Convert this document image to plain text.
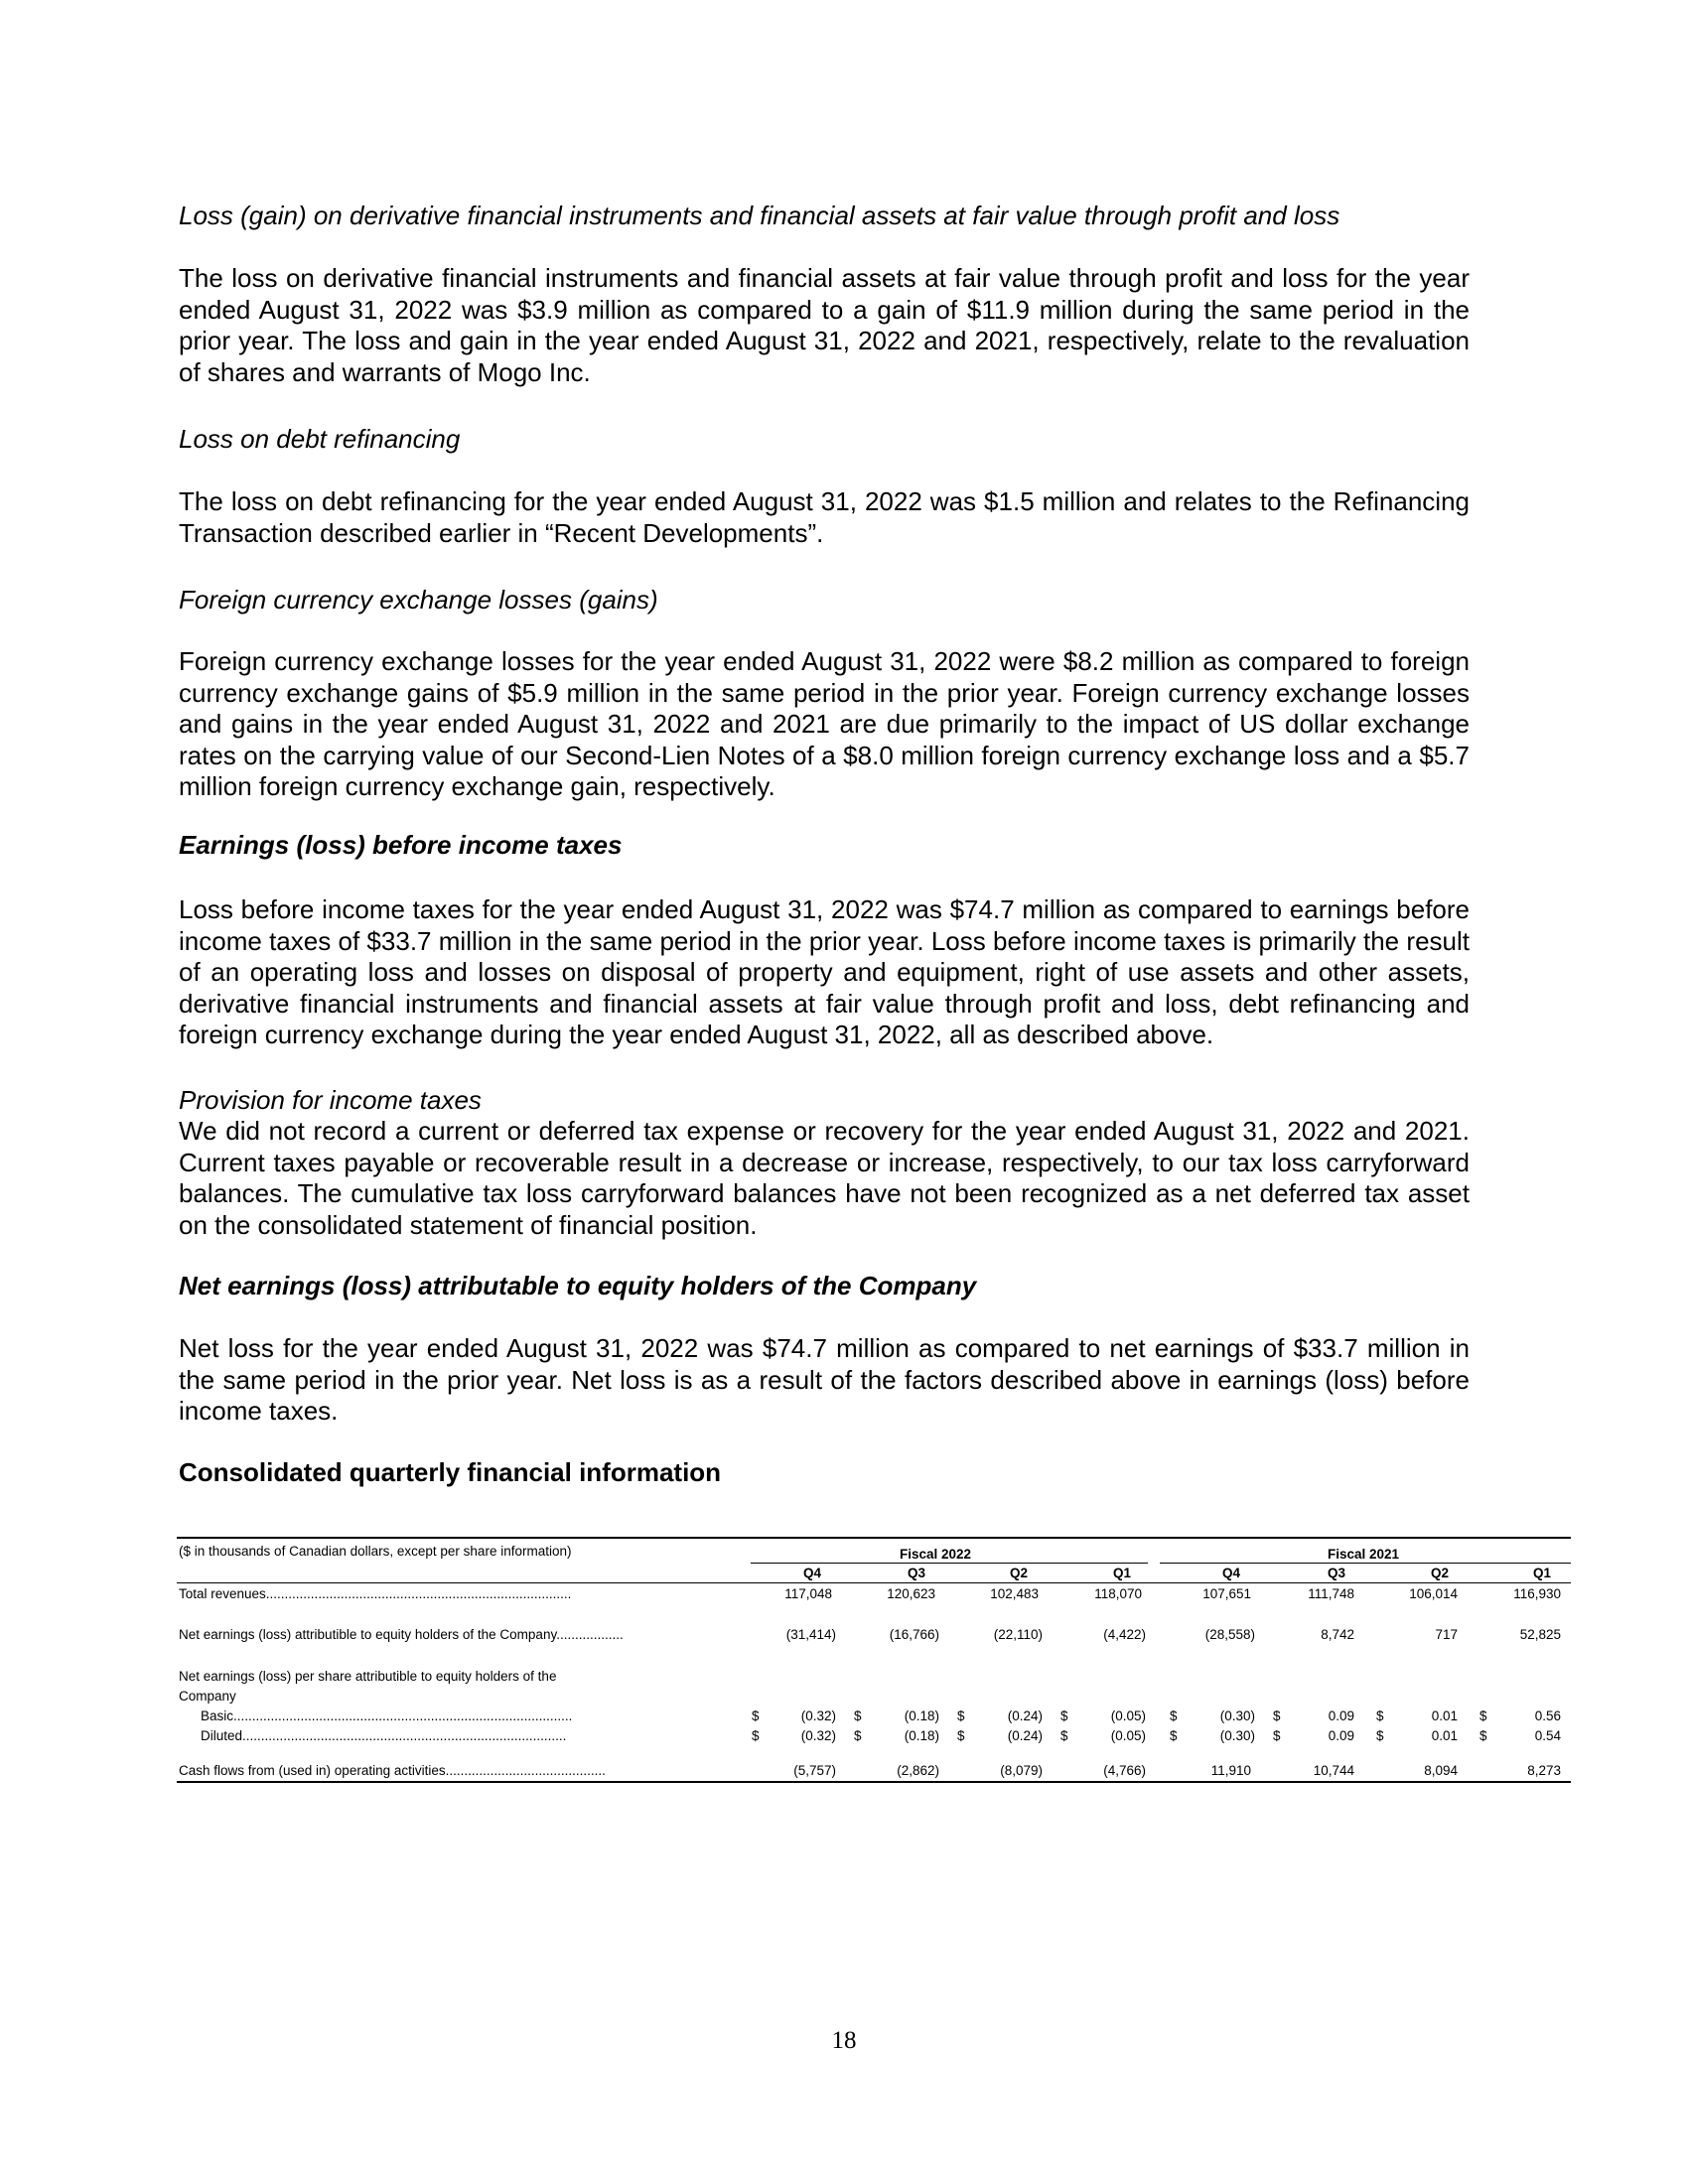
Loss (gain) on derivative financial instruments and financial assets at fair value through profit and loss
The loss on derivative financial instruments and financial assets at fair value through profit and loss for the year ended August 31, 2022 was $3.9 million as compared to a gain of $11.9 million during the same period in the prior year. The loss and gain in the year ended August 31, 2022 and 2021, respectively, relate to the revaluation of shares and warrants of Mogo Inc.
Loss on debt refinancing
The loss on debt refinancing for the year ended August 31, 2022 was $1.5 million and relates to the Refinancing Transaction described earlier in “Recent Developments”.
Foreign currency exchange losses (gains)
Foreign currency exchange losses for the year ended August 31, 2022 were $8.2 million as compared to foreign currency exchange gains of $5.9 million in the same period in the prior year. Foreign currency exchange losses and gains in the year ended August 31, 2022 and 2021 are due primarily to the impact of US dollar exchange rates on the carrying value of our Second-Lien Notes of a $8.0 million foreign currency exchange loss and a $5.7 million foreign currency exchange gain, respectively.
Earnings (loss) before income taxes
Loss before income taxes for the year ended August 31, 2022 was $74.7 million as compared to earnings before income taxes of $33.7 million in the same period in the prior year. Loss before income taxes is primarily the result of an operating loss and losses on disposal of property and equipment, right of use assets and other assets, derivative financial instruments and financial assets at fair value through profit and loss, debt refinancing and foreign currency exchange during the year ended August 31, 2022, all as described above.
Provision for income taxes
We did not record a current or deferred tax expense or recovery for the year ended August 31, 2022 and 2021. Current taxes payable or recoverable result in a decrease or increase, respectively, to our tax loss carryforward balances. The cumulative tax loss carryforward balances have not been recognized as a net deferred tax asset on the consolidated statement of financial position.
Net earnings (loss) attributable to equity holders of the Company
Net loss for the year ended August 31, 2022 was $74.7 million as compared to net earnings of $33.7 million in the same period in the prior year. Net loss is as a result of the factors described above in earnings (loss) before income taxes.
Consolidated quarterly financial information
($ in thousands of Canadian dollars, except per share information)	Fiscal 2022	Fiscal 2021
Q4	Q3	Q2	Q1	Q4	Q3	Q2	Q1
Total revenues..................................................................................	117,048	120,623	102,483	118,070	107,651	111,748	106,014	116,930
Net earnings (loss) attributible to equity holders of the Company..................	(31,414)	(16,766)	(22,110)	(4,422)	(28,558)	8,742	717	52,825
Net earnings (loss) per share attributible to equity holders of the
Company
Basic...........................................................................................	$	(0.32) $	(0.18) $	(0.24) $	(0.05) $	(0.30) $	0.09 $	0.01 $	0.56
Diluted.......................................................................................	$	(0.32) $	(0.18) $	(0.24) $	(0.05) $	(0.30) $	0.09 $	0.01 $	0.54
Cash flows from (used in) operating activities...........................................	(5,757)	(2,862)	(8,079)	(4,766)	11,910	10,744	8,094	8,273
18
